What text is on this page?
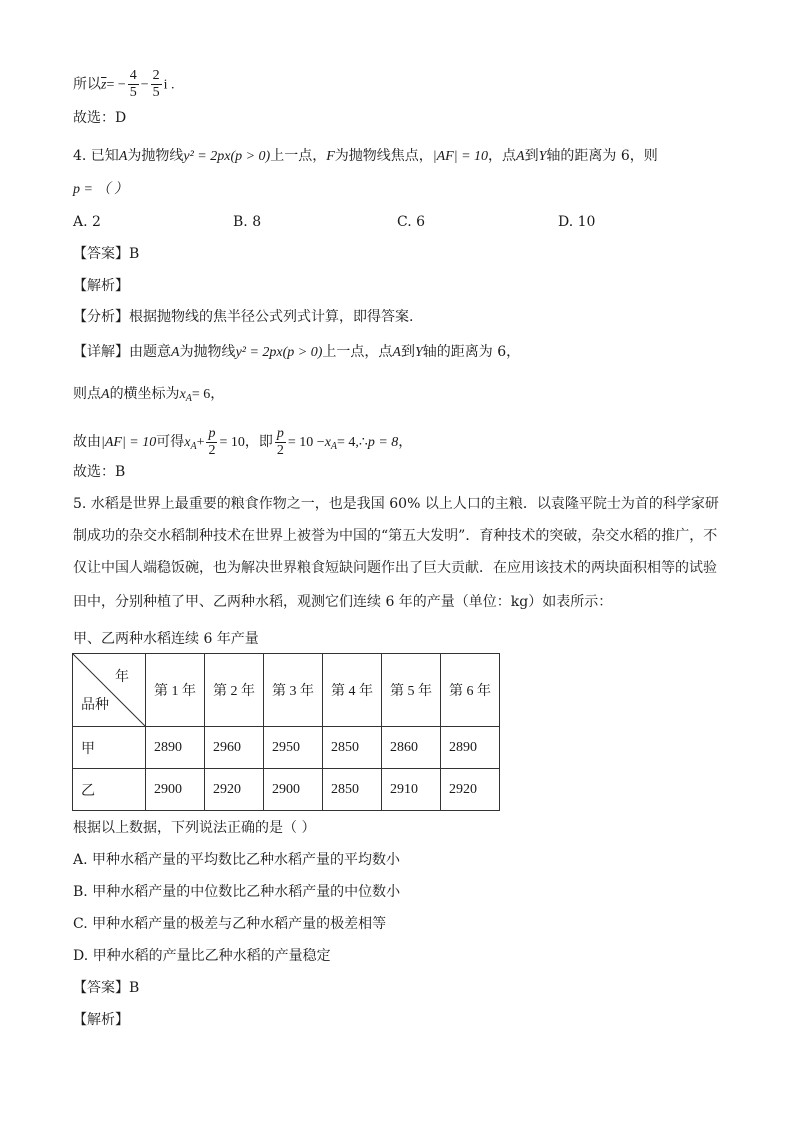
所以$\overline{z}= - \frac{4}{5} - \frac{2}{5}$ i .
故选：D
4. 已知A为抛物线y² = 2px(p > 0)上一点，F为抛物线焦点，|AF| = 10，点A到Y轴的距离为 6，则
p = （ ）
A. 2	B. 8	C. 6	D. 10
【答案】B
【解析】
【分析】根据抛物线的焦半径公式列式计算，即得答案.
【详解】由题意A为抛物线y² = 2px(p > 0)上一点，点A到Y轴的距离为 6，
则点A的横坐标为$x_A= 6$，
故由|AF| = 10可得$x_A+ \frac{p}{2} = 10$，即 $\frac{p}{2} = 10 -x_A=$ 4,∴p = 8，
故选：B
5. 水稻是世界上最重要的粮食作物之一，也是我国 60% 以上人口的主粮．以袁隆平院士为首的科学家研
制成功的杂交水稻制种技术在世界上被誉为中国的“第五大发明”．育种技术的突破，杂交水稻的推广，不
仅让中国人端稳饭碗，也为解决世界粮食短缺问题作出了巨大贡献．在应用该技术的两块面积相等的试验
田中，分别种植了甲、乙两种水稻，观测它们连续 6 年的产量（单位：kg）如表所示：
甲、乙两种水稻连续 6 年产量
年
品种	第 1 年	第 2 年	第 3 年	第 4 年	第 5 年	第 6 年
甲	2890	2960	2950	2850	2860	2890
乙	2900	2920	2900	2850	2910	2920
根据以上数据，下列说法正确的是（ ）
A. 甲种水稻产量的平均数比乙种水稻产量的平均数小
B. 甲种水稻产量的中位数比乙种水稻产量的中位数小
C. 甲种水稻产量的极差与乙种水稻产量的极差相等
D. 甲种水稻的产量比乙种水稻的产量稳定
【答案】B
【解析】
